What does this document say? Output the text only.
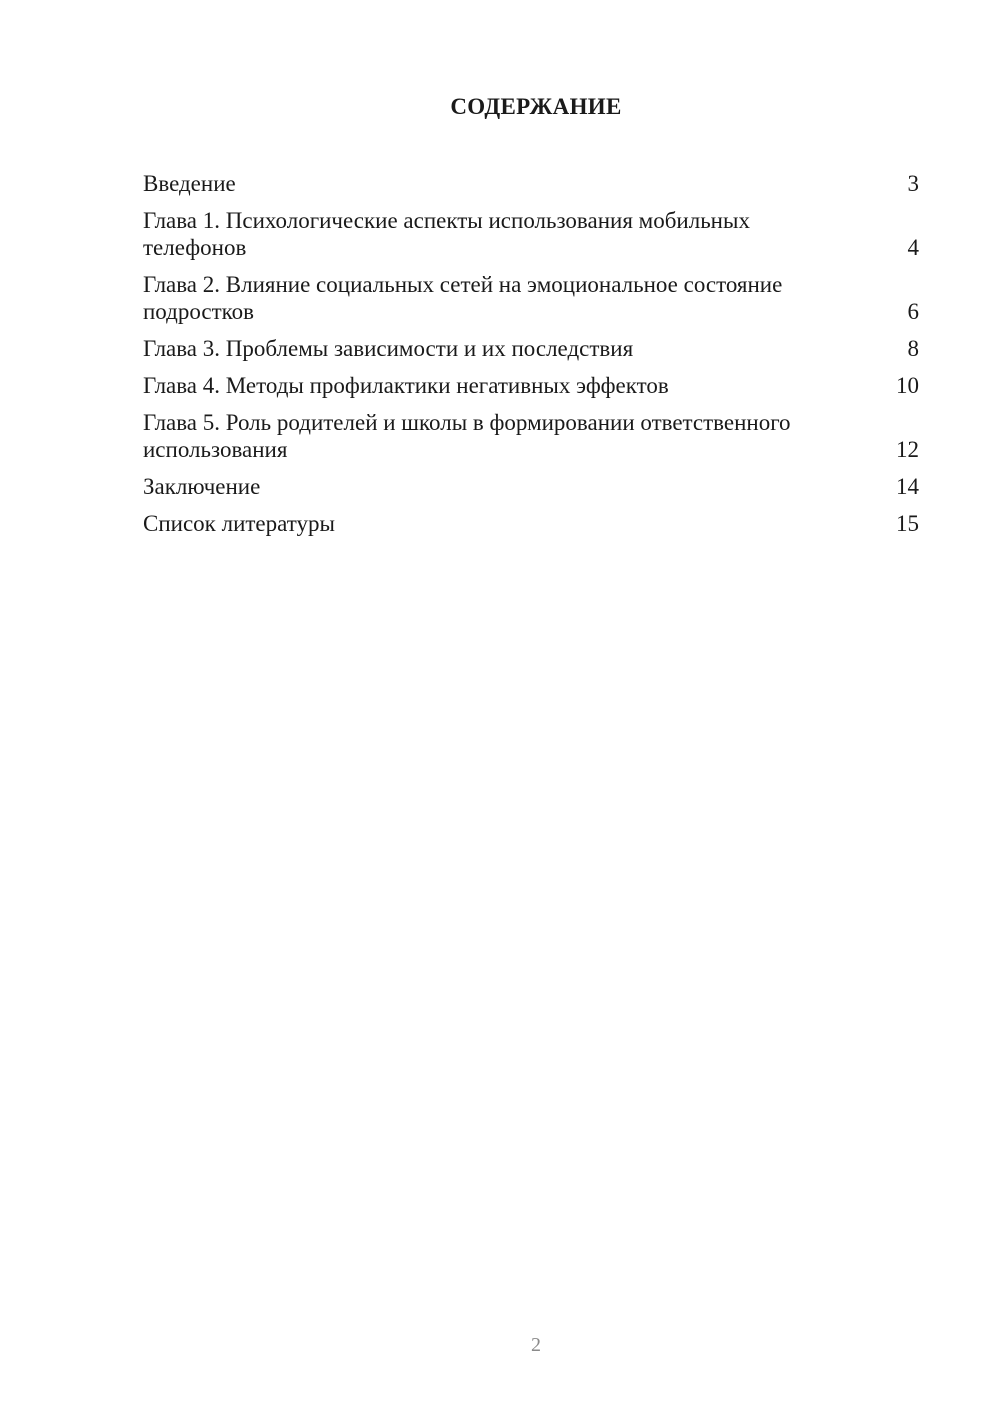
СОДЕРЖАНИЕ
Введение	3
Глава 1. Психологические аспекты использования мобильных телефонов	4
Глава 2. Влияние социальных сетей на эмоциональное состояние подростков	6
Глава 3. Проблемы зависимости и их последствия	8
Глава 4. Методы профилактики негативных эффектов	10
Глава 5. Роль родителей и школы в формировании ответственного использования	12
Заключение	14
Список литературы	15
2
